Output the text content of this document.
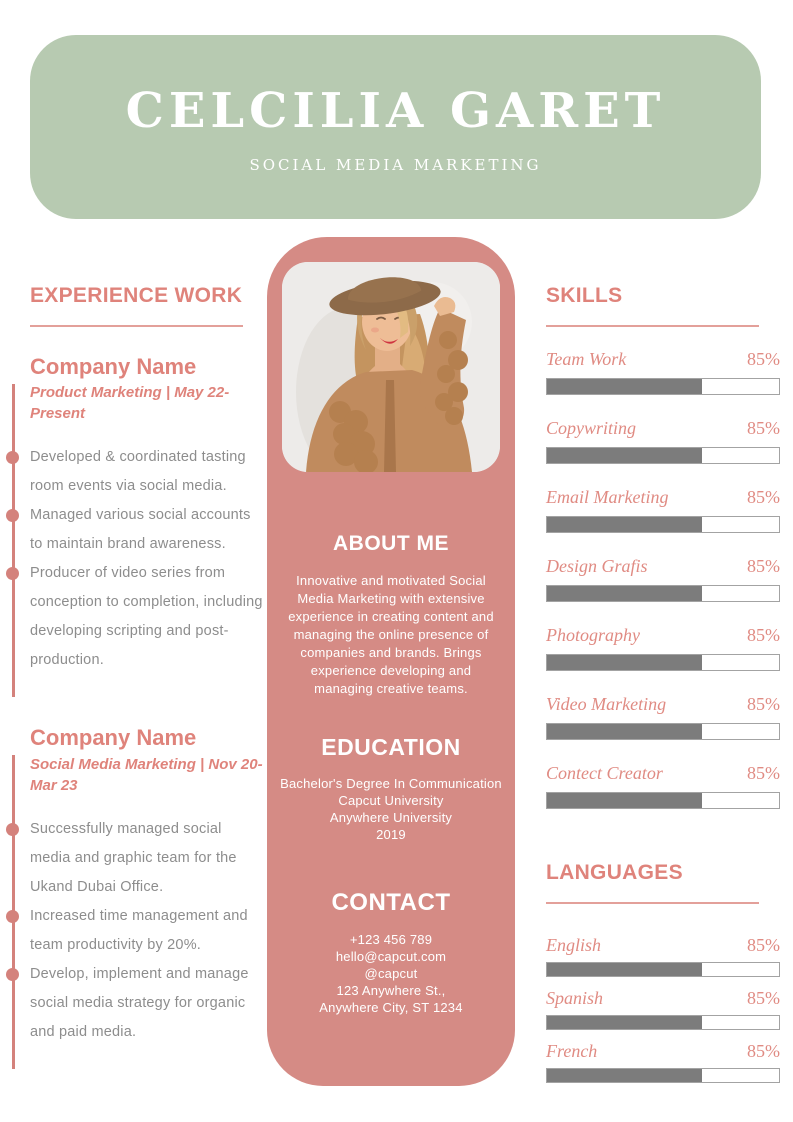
CELCILIA GARET
SOCIAL MEDIA MARKETING
EXPERIENCE WORK
Company Name
Product Marketing | May 22-Present
Developed & coordinated tasting room events via social media.
Managed various social accounts to maintain brand awareness.
Producer of video series from conception to completion, including developing scripting and post-production.
Company Name
Social Media Marketing | Nov 20-Mar 23
Successfully managed social media and graphic team for the Ukand Dubai Office.
Increased time management and team productivity by 20%.
Develop, implement and manage social media strategy for organic and paid media.
ABOUT ME
Innovative and motivated Social Media Marketing with extensive experience in creating content and managing the online presence of companies and brands. Brings experience developing and managing creative teams.
EDUCATION
Bachelor's Degree In Communication
Capcut University
Anywhere University
2019
CONTACT
+123 456 789
hello@capcut.com
@capcut
123 Anywhere St.,
Anywhere City, ST 1234
SKILLS
Team Work	85%
Copywriting	85%
Email Marketing	85%
Design Grafis	85%
Photography	85%
Video Marketing	85%
Contect Creator	85%
LANGUAGES
English	85%
Spanish	85%
French	85%
